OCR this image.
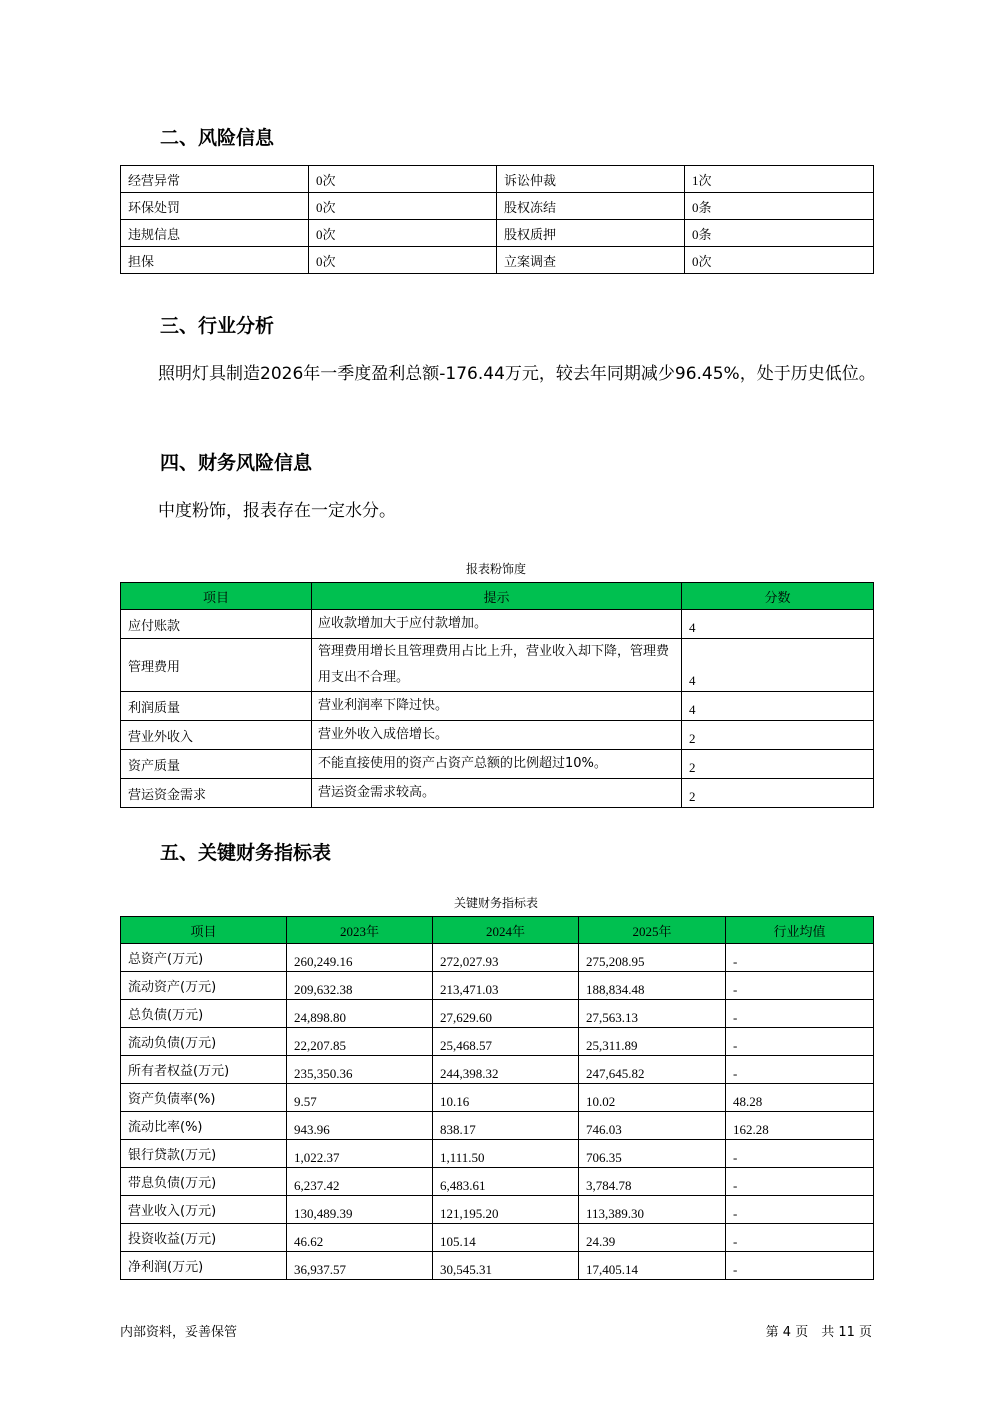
二、风险信息
经营异常	0次	诉讼仲裁	1次
环保处罚	0次	股权冻结	0条
违规信息	0次	股权质押	0条
担保	0次	立案调查	0次
三、行业分析

照明灯具制造2026年一季度盈利总额-176.44万元，较去年同期减少96.45%，处于历史低位。

四、财务风险信息

中度粉饰，报表存在一定水分。

报表粉饰度
项目	提示	分数
应付账款	应收款增加大于应付款增加。	4
管理费用	管理费用增长且管理费用占比上升，营业收入却下降，管理费用支出不合理。	4
利润质量	营业利润率下降过快。	4
营业外收入	营业外收入成倍增长。	2
资产质量	不能直接使用的资产占资产总额的比例超过10%。	2
营运资金需求	营运资金需求较高。	2
五、关键财务指标表
关键财务指标表
项目	2023年	2024年	2025年	行业均值
总资产(万元)	260,249.16	272,027.93	275,208.95	-
流动资产(万元)	209,632.38	213,471.03	188,834.48	-
总负债(万元)	24,898.80	27,629.60	27,563.13	-
流动负债(万元)	22,207.85	25,468.57	25,311.89	-
所有者权益(万元)	235,350.36	244,398.32	247,645.82	-
资产负债率(%)	9.57	10.16	10.02	48.28
流动比率(%)	943.96	838.17	746.03	162.28
银行贷款(万元)	1,022.37	1,111.50	706.35	-
带息负债(万元)	6,237.42	6,483.61	3,784.78	-
营业收入(万元)	130,489.39	121,195.20	113,389.30	-
投资收益(万元)	46.62	105.14	24.39	-
净利润(万元)	36,937.57	30,545.31	17,405.14	-
内部资料，妥善保管	第 4 页　共 11 页
